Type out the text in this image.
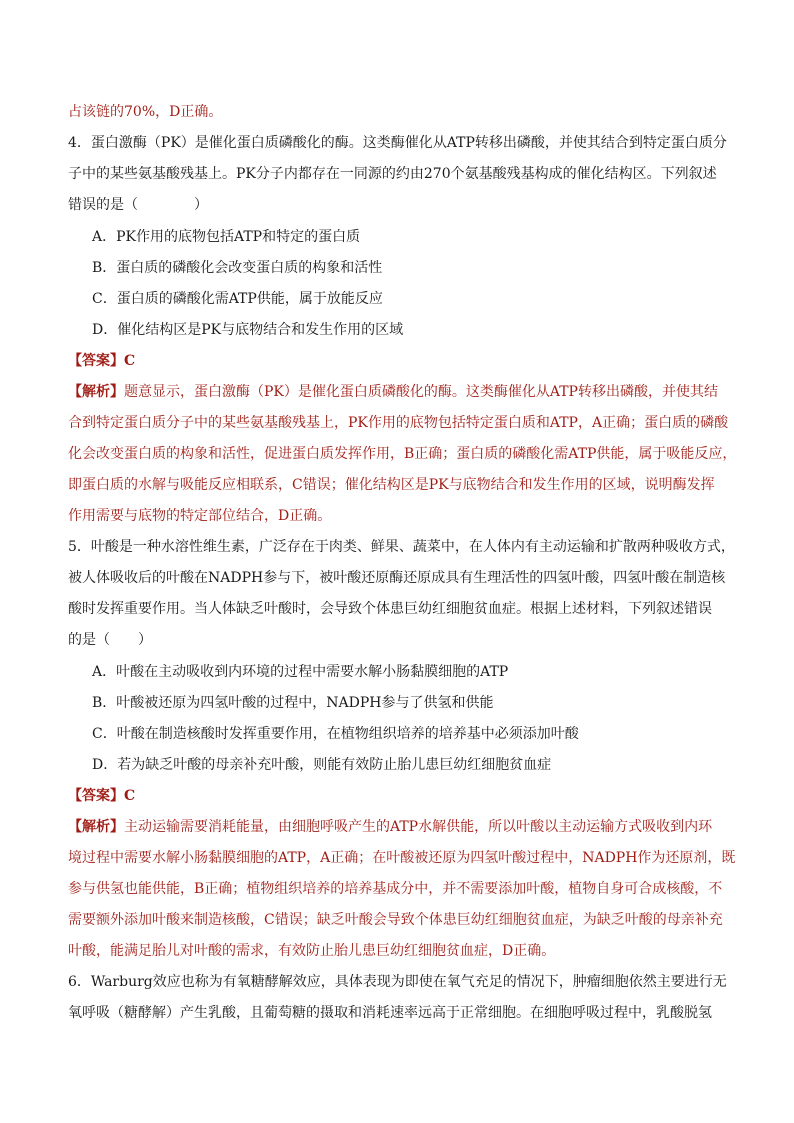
占该链的70%，D正确。
4．蛋白激酶（PK）是催化蛋白质磷酸化的酶。这类酶催化从ATP转移出磷酸，并使其结合到特定蛋白质分
子中的某些氨基酸残基上。PK分子内都存在一同源的约由270个氨基酸残基构成的催化结构区。下列叙述
错误的是（　　　　）
A．PK作用的底物包括ATP和特定的蛋白质
B．蛋白质的磷酸化会改变蛋白质的构象和活性
C．蛋白质的磷酸化需ATP供能，属于放能反应
D．催化结构区是PK与底物结合和发生作用的区域
【答案】C
【解析】题意显示，蛋白激酶（PK）是催化蛋白质磷酸化的酶。这类酶催化从ATP转移出磷酸，并使其结
合到特定蛋白质分子中的某些氨基酸残基上，PK作用的底物包括特定蛋白质和ATP，A正确；蛋白质的磷酸
化会改变蛋白质的构象和活性，促进蛋白质发挥作用，B正确；蛋白质的磷酸化需ATP供能，属于吸能反应，
即蛋白质的水解与吸能反应相联系，C错误；催化结构区是PK与底物结合和发生作用的区域，说明酶发挥
作用需要与底物的特定部位结合，D正确。
5．叶酸是一种水溶性维生素，广泛存在于肉类、鲜果、蔬菜中，在人体内有主动运输和扩散两种吸收方式，
被人体吸收后的叶酸在NADPH参与下，被叶酸还原酶还原成具有生理活性的四氢叶酸，四氢叶酸在制造核
酸时发挥重要作用。当人体缺乏叶酸时，会导致个体患巨幼红细胞贫血症。根据上述材料，下列叙述错误
的是（　　）
A．叶酸在主动吸收到内环境的过程中需要水解小肠黏膜细胞的ATP
B．叶酸被还原为四氢叶酸的过程中，NADPH参与了供氢和供能
C．叶酸在制造核酸时发挥重要作用，在植物组织培养的培养基中必须添加叶酸
D．若为缺乏叶酸的母亲补充叶酸，则能有效防止胎儿患巨幼红细胞贫血症
【答案】C
【解析】主动运输需要消耗能量，由细胞呼吸产生的ATP水解供能，所以叶酸以主动运输方式吸收到内环
境过程中需要水解小肠黏膜细胞的ATP，A正确；在叶酸被还原为四氢叶酸过程中，NADPH作为还原剂，既
参与供氢也能供能，B正确；植物组织培养的培养基成分中，并不需要添加叶酸，植物自身可合成核酸，不
需要额外添加叶酸来制造核酸，C错误；缺乏叶酸会导致个体患巨幼红细胞贫血症，为缺乏叶酸的母亲补充
叶酸，能满足胎儿对叶酸的需求，有效防止胎儿患巨幼红细胞贫血症，D正确。
6．Warburg效应也称为有氧糖酵解效应，具体表现为即使在氧气充足的情况下，肿瘤细胞依然主要进行无
氧呼吸（糖酵解）产生乳酸，且葡萄糖的摄取和消耗速率远高于正常细胞。在细胞呼吸过程中，乳酸脱氢
